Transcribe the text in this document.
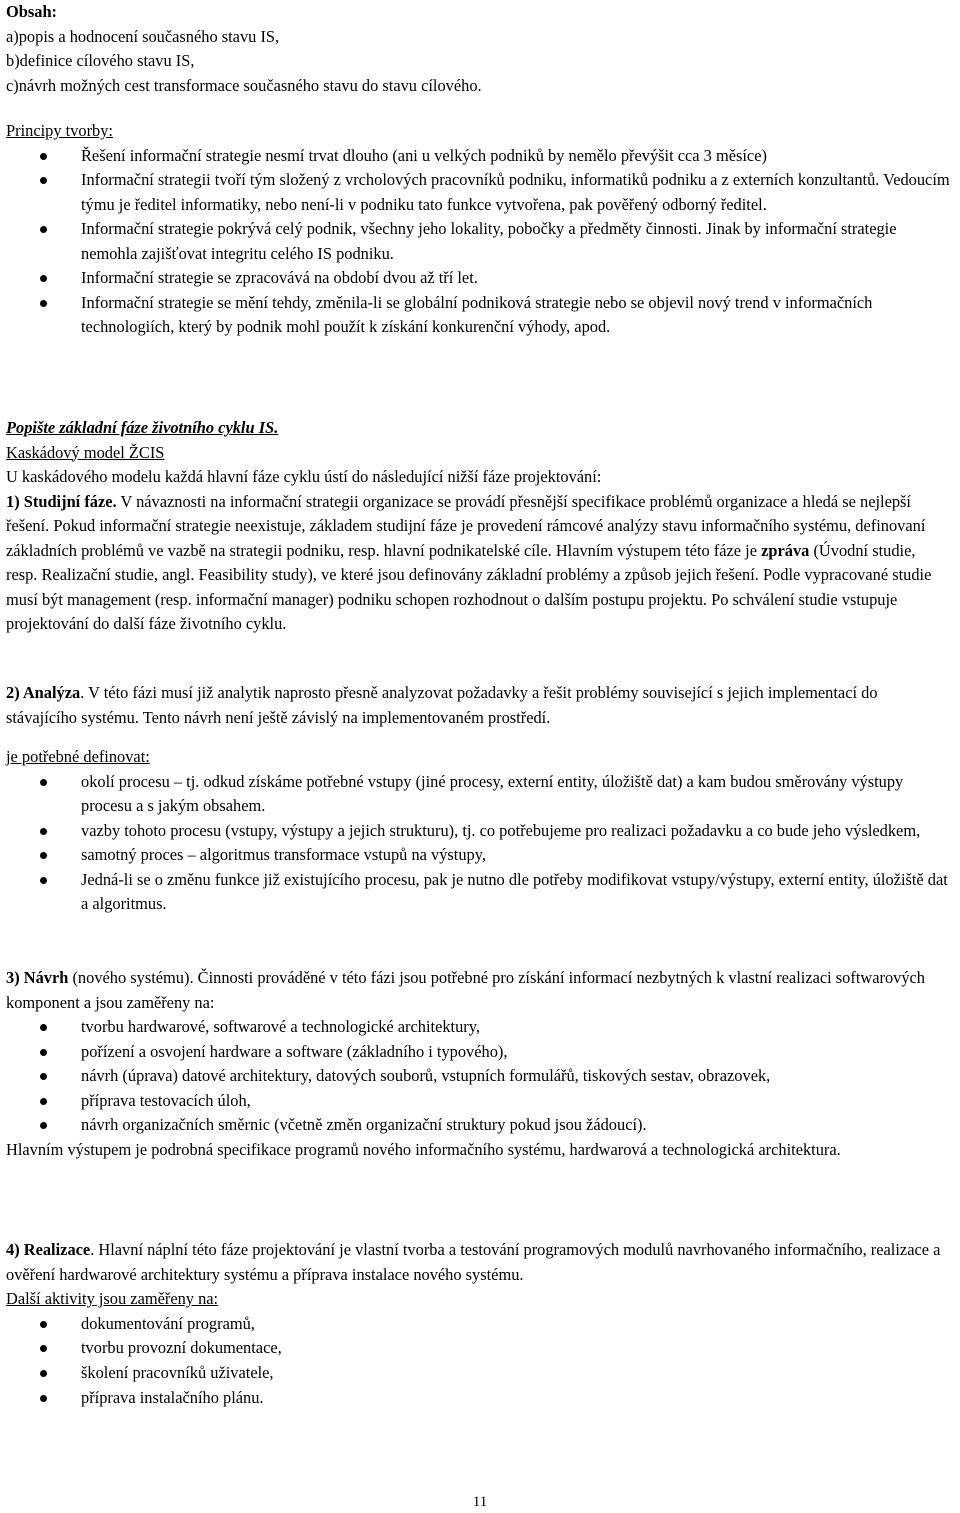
Obsah:

a)popis a hodnocení současného stavu IS,

b)definice cílového stavu IS,

c)návrh možných cest transformace současného stavu do stavu cílového.

Principy tvorby:

Řešení informační strategie nesmí trvat dlouho (ani u velkých podniků by nemělo převýšit cca 3 měsíce)
Informační strategii tvoří tým složený z vrcholových pracovníků podniku, informatiků podniku a z externích konzultantů. Vedoucím týmu je ředitel informatiky, nebo není-li v podniku tato funkce vytvořena, pak pověřený odborný ředitel.
Informační strategie pokrývá celý podnik, všechny jeho lokality, pobočky a předměty činnosti. Jinak by informační strategie nemohla zajišťovat integritu celého IS podniku.
Informační strategie se zpracovává na období dvou až tří let.
Informační strategie se mění tehdy, změnila-li se globální podniková strategie nebo se objevil nový trend v informačních technologiích, který by podnik mohl použít k získání konkurenční výhody, apod.

Popište základní fáze životního cyklu IS.

Kaskádový model ŽCIS

U kaskádového modelu každá hlavní fáze cyklu ústí do následující nižší fáze projektování:

1) Studijní fáze. V návaznosti na informační strategii organizace se provádí přesnější specifikace problémů organizace a hledá se nejlepší řešení. Pokud informační strategie neexistuje, základem studijní fáze je provedení rámcové analýzy stavu informačního systému, definovaní základních problémů ve vazbě na strategii podniku, resp. hlavní podnikatelské cíle. Hlavním výstupem této fáze je zpráva (Úvodní studie, resp. Realizační studie, angl. Feasibility study), ve které jsou definovány základní problémy a způsob jejich řešení. Podle vypracované studie musí být management (resp. informační manager) podniku schopen rozhodnout o dalším postupu projektu. Po schválení studie vstupuje projektování do další fáze životního cyklu.

2) Analýza. V této fázi musí již analytik naprosto přesně analyzovat požadavky a řešit problémy související s jejich implementací do stávajícího systému. Tento návrh není ještě závislý na implementovaném prostředí.

je potřebné definovat:

okolí procesu – tj. odkud získáme potřebné vstupy (jiné procesy, externí entity, úložiště dat) a kam budou směrovány výstupy procesu a s jakým obsahem.
vazby tohoto procesu (vstupy, výstupy a jejich strukturu), tj. co potřebujeme pro realizaci požadavku a co bude jeho výsledkem,
samotný proces – algoritmus transformace vstupů na výstupy,
Jedná-li se o změnu funkce již existujícího procesu, pak je nutno dle potřeby modifikovat vstupy/výstupy, externí entity, úložiště dat a algoritmus.

3) Návrh (nového systému). Činnosti prováděné v této fázi jsou potřebné pro získání informací nezbytných k vlastní realizaci softwarových komponent a jsou zaměřeny na:

tvorbu hardwarové, softwarové a technologické architektury,
pořízení a osvojení hardware a software (základního i typového),
návrh (úprava) datové architektury, datových souborů, vstupních formulářů, tiskových sestav, obrazovek,
příprava testovacích úloh,
návrh organizačních směrnic (včetně změn organizační struktury pokud jsou žádoucí).

Hlavním výstupem je podrobná specifikace programů nového informačního systému, hardwarová a technologická architektura.

4) Realizace. Hlavní náplní této fáze projektování je vlastní tvorba a testování programových modulů navrhovaného informačního, realizace a ověření hardwarové architektury systému a příprava instalace nového systému.

Další aktivity jsou zaměřeny na:

dokumentování programů,
tvorbu provozní dokumentace,
školení pracovníků uživatele,
příprava instalačního plánu.
11
